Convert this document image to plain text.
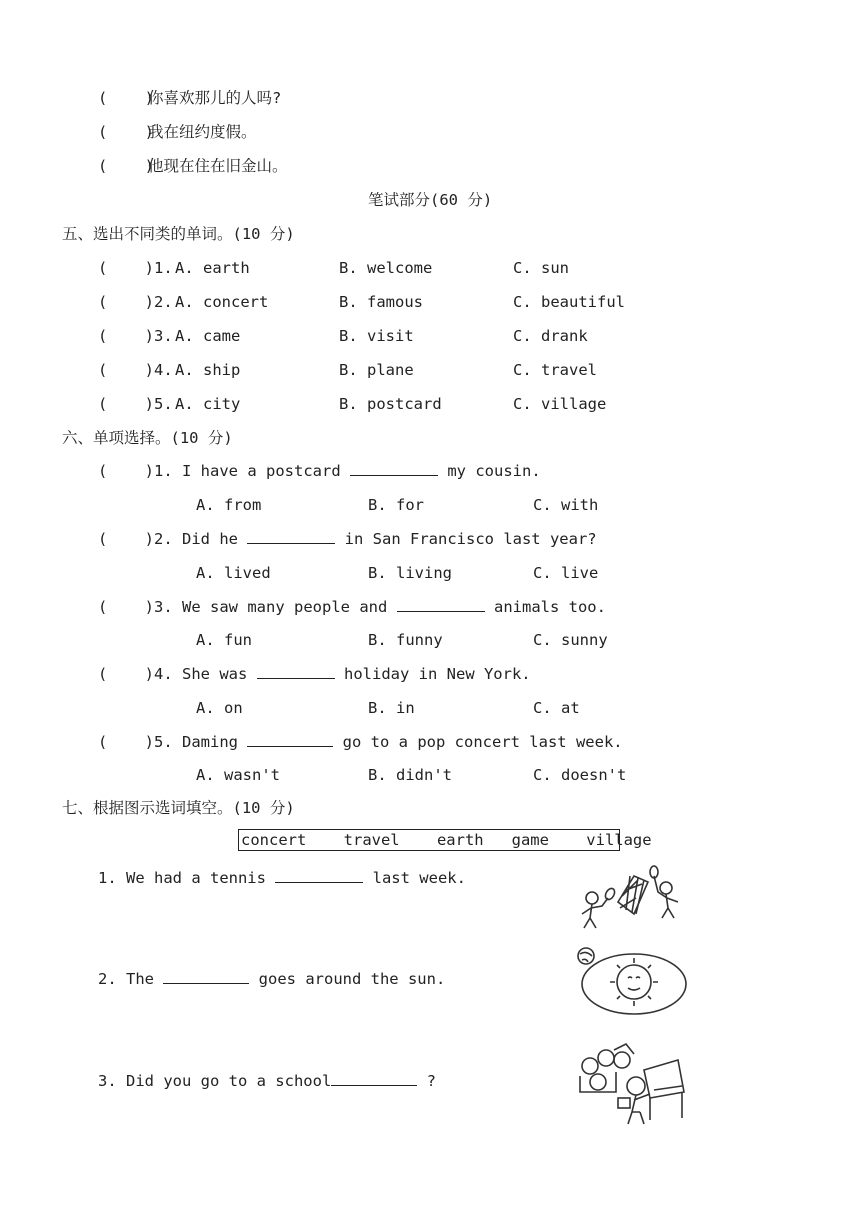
(    )你喜欢那儿的人吗?
(    )我在纽约度假。
(    )他现在住在旧金山。
笔试部分(60 分)
五、选出不同类的单词。(10 分)
(    )1. A. earth	B. welcome	C. sun
(    )2. A. concert	B. famous	C. beautiful
(    )3. A. came	B. visit	C. drank
(    )4. A. ship	B. plane	C. travel
(    )5. A. city	B. postcard	C. village
六、单项选择。(10 分)
(    )1. I have a postcard	my cousin.
A. from	B. for	C. with
(    )2. Did he	in San Francisco last year?
A. lived	B. living	C. live
(    )3. We saw many people and	animals too.
A. fun	B. funny	C. sunny
(    )4. She was	holiday in New York.
A. on	B. in	C. at
(    )5. Daming	go to a pop concert last week.
A. wasn't	B. didn't	C. doesn't
七、根据图示选词填空。(10 分)
concert    travel    earth   game    village
1. We had a tennis	last week.
2. The	goes around the sun.
3. Did you go to a school	?
